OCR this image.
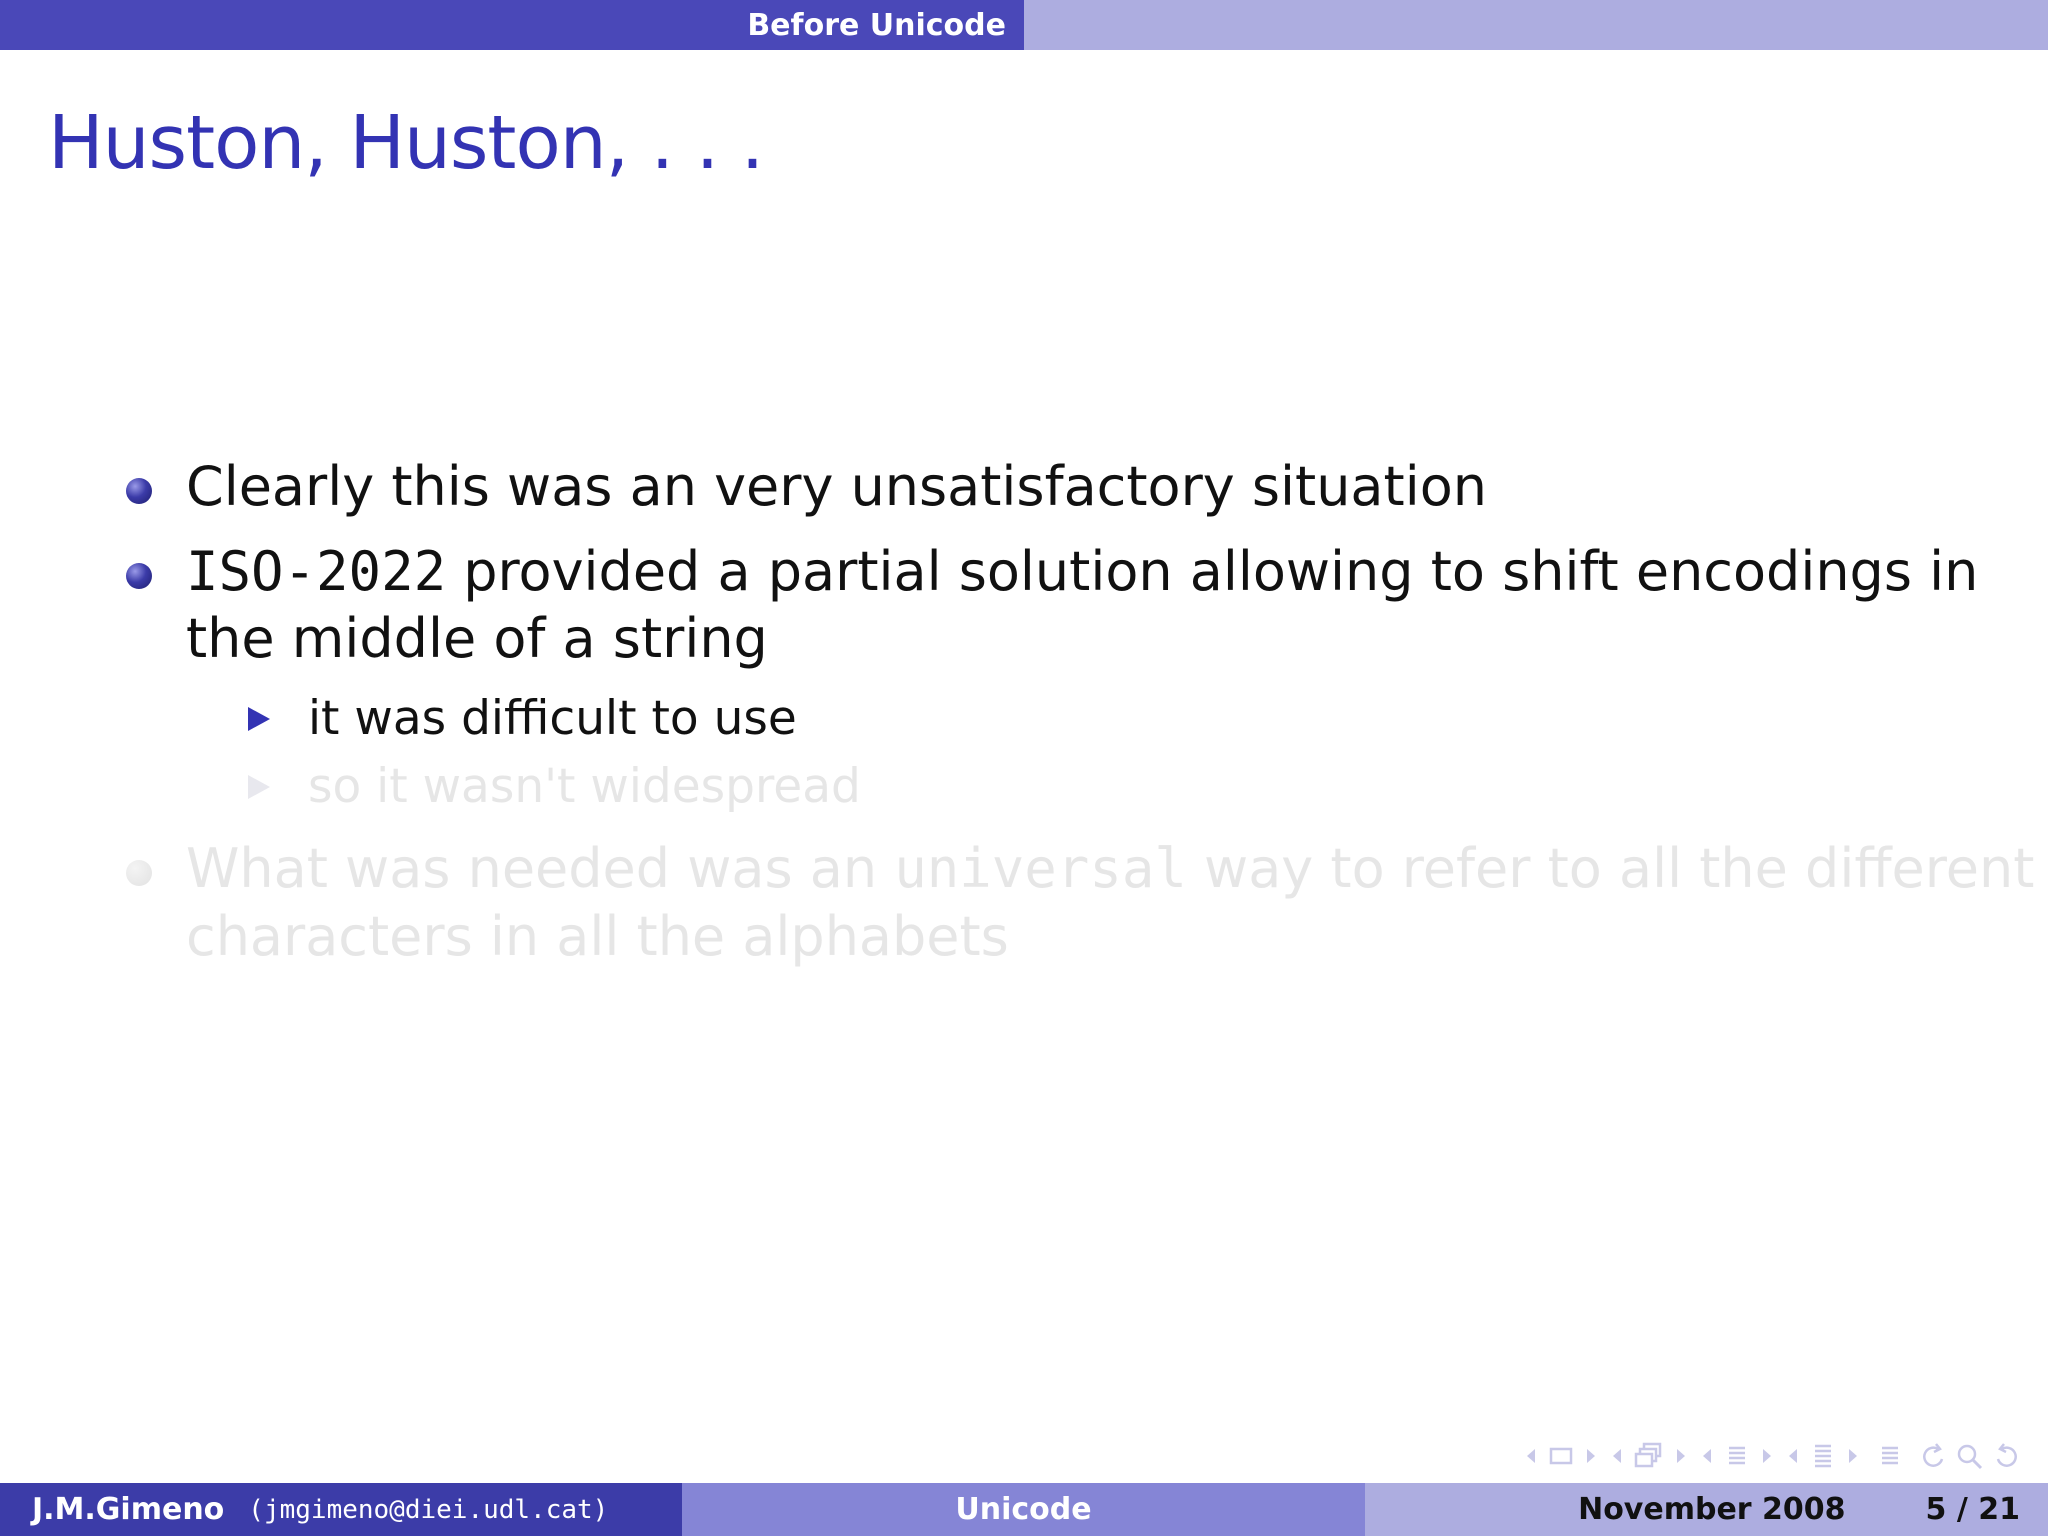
Before Unicode
Huston, Huston, . . .
Clearly this was an very unsatisfactory situation
ISO-2022 provided a partial solution allowing to shift encodings in
the middle of a string
it was difficult to use
so it wasn't widespread
What was needed was an universal way to refer to all the different
characters in all the alphabets
J.M.Gimeno (jmgimeno@diei.udl.cat)	Unicode	November 2008	5 / 21
